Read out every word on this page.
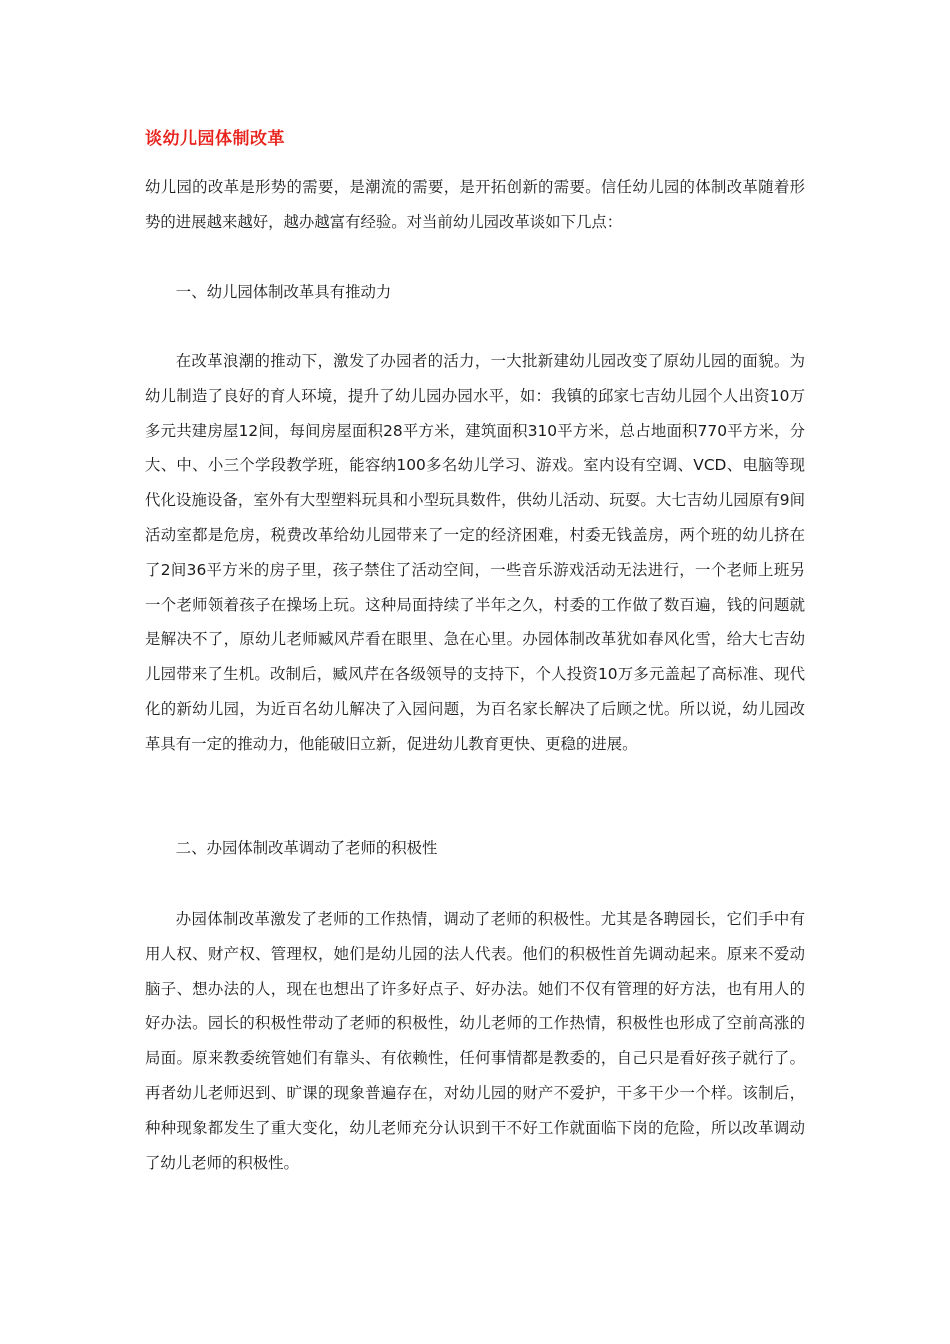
谈幼儿园体制改革

幼儿园的改革是形势的需要，是潮流的需要，是开拓创新的需要。信任幼儿园的体制改革随着形势的进展越来越好，越办越富有经验。对当前幼儿园改革谈如下几点：

一、幼儿园体制改革具有推动力

在改革浪潮的推动下，激发了办园者的活力，一大批新建幼儿园改变了原幼儿园的面貌。为幼儿制造了良好的育人环境，提升了幼儿园办园水平，如：我镇的邱家七吉幼儿园个人出资10万多元共建房屋12间，每间房屋面积28平方米，建筑面积310平方米，总占地面积770平方米，分大、中、小三个学段教学班，能容纳100多名幼儿学习、游戏。室内设有空调、VCD、电脑等现代化设施设备，室外有大型塑料玩具和小型玩具数件，供幼儿活动、玩耍。大七吉幼儿园原有9间活动室都是危房，税费改革给幼儿园带来了一定的经济困难，村委无钱盖房，两个班的幼儿挤在了2间36平方米的房子里，孩子禁住了活动空间，一些音乐游戏活动无法进行，一个老师上班另一个老师领着孩子在操场上玩。这种局面持续了半年之久，村委的工作做了数百遍，钱的问题就是解决不了，原幼儿老师臧风芹看在眼里、急在心里。办园体制改革犹如春风化雪，给大七吉幼儿园带来了生机。改制后，臧风芹在各级领导的支持下，个人投资10万多元盖起了高标准、现代化的新幼儿园，为近百名幼儿解决了入园问题，为百名家长解决了后顾之忧。所以说，幼儿园改革具有一定的推动力，他能破旧立新，促进幼儿教育更快、更稳的进展。

二、办园体制改革调动了老师的积极性

办园体制改革激发了老师的工作热情，调动了老师的积极性。尤其是各聘园长，它们手中有用人权、财产权、管理权，她们是幼儿园的法人代表。他们的积极性首先调动起来。原来不爱动脑子、想办法的人，现在也想出了许多好点子、好办法。她们不仅有管理的好方法，也有用人的好办法。园长的积极性带动了老师的积极性，幼儿老师的工作热情，积极性也形成了空前高涨的局面。原来教委统管她们有靠头、有依赖性，任何事情都是教委的，自己只是看好孩子就行了。再者幼儿老师迟到、旷课的现象普遍存在，对幼儿园的财产不爱护，干多干少一个样。该制后，种种现象都发生了重大变化，幼儿老师充分认识到干不好工作就面临下岗的危险，所以改革调动了幼儿老师的积极性。
